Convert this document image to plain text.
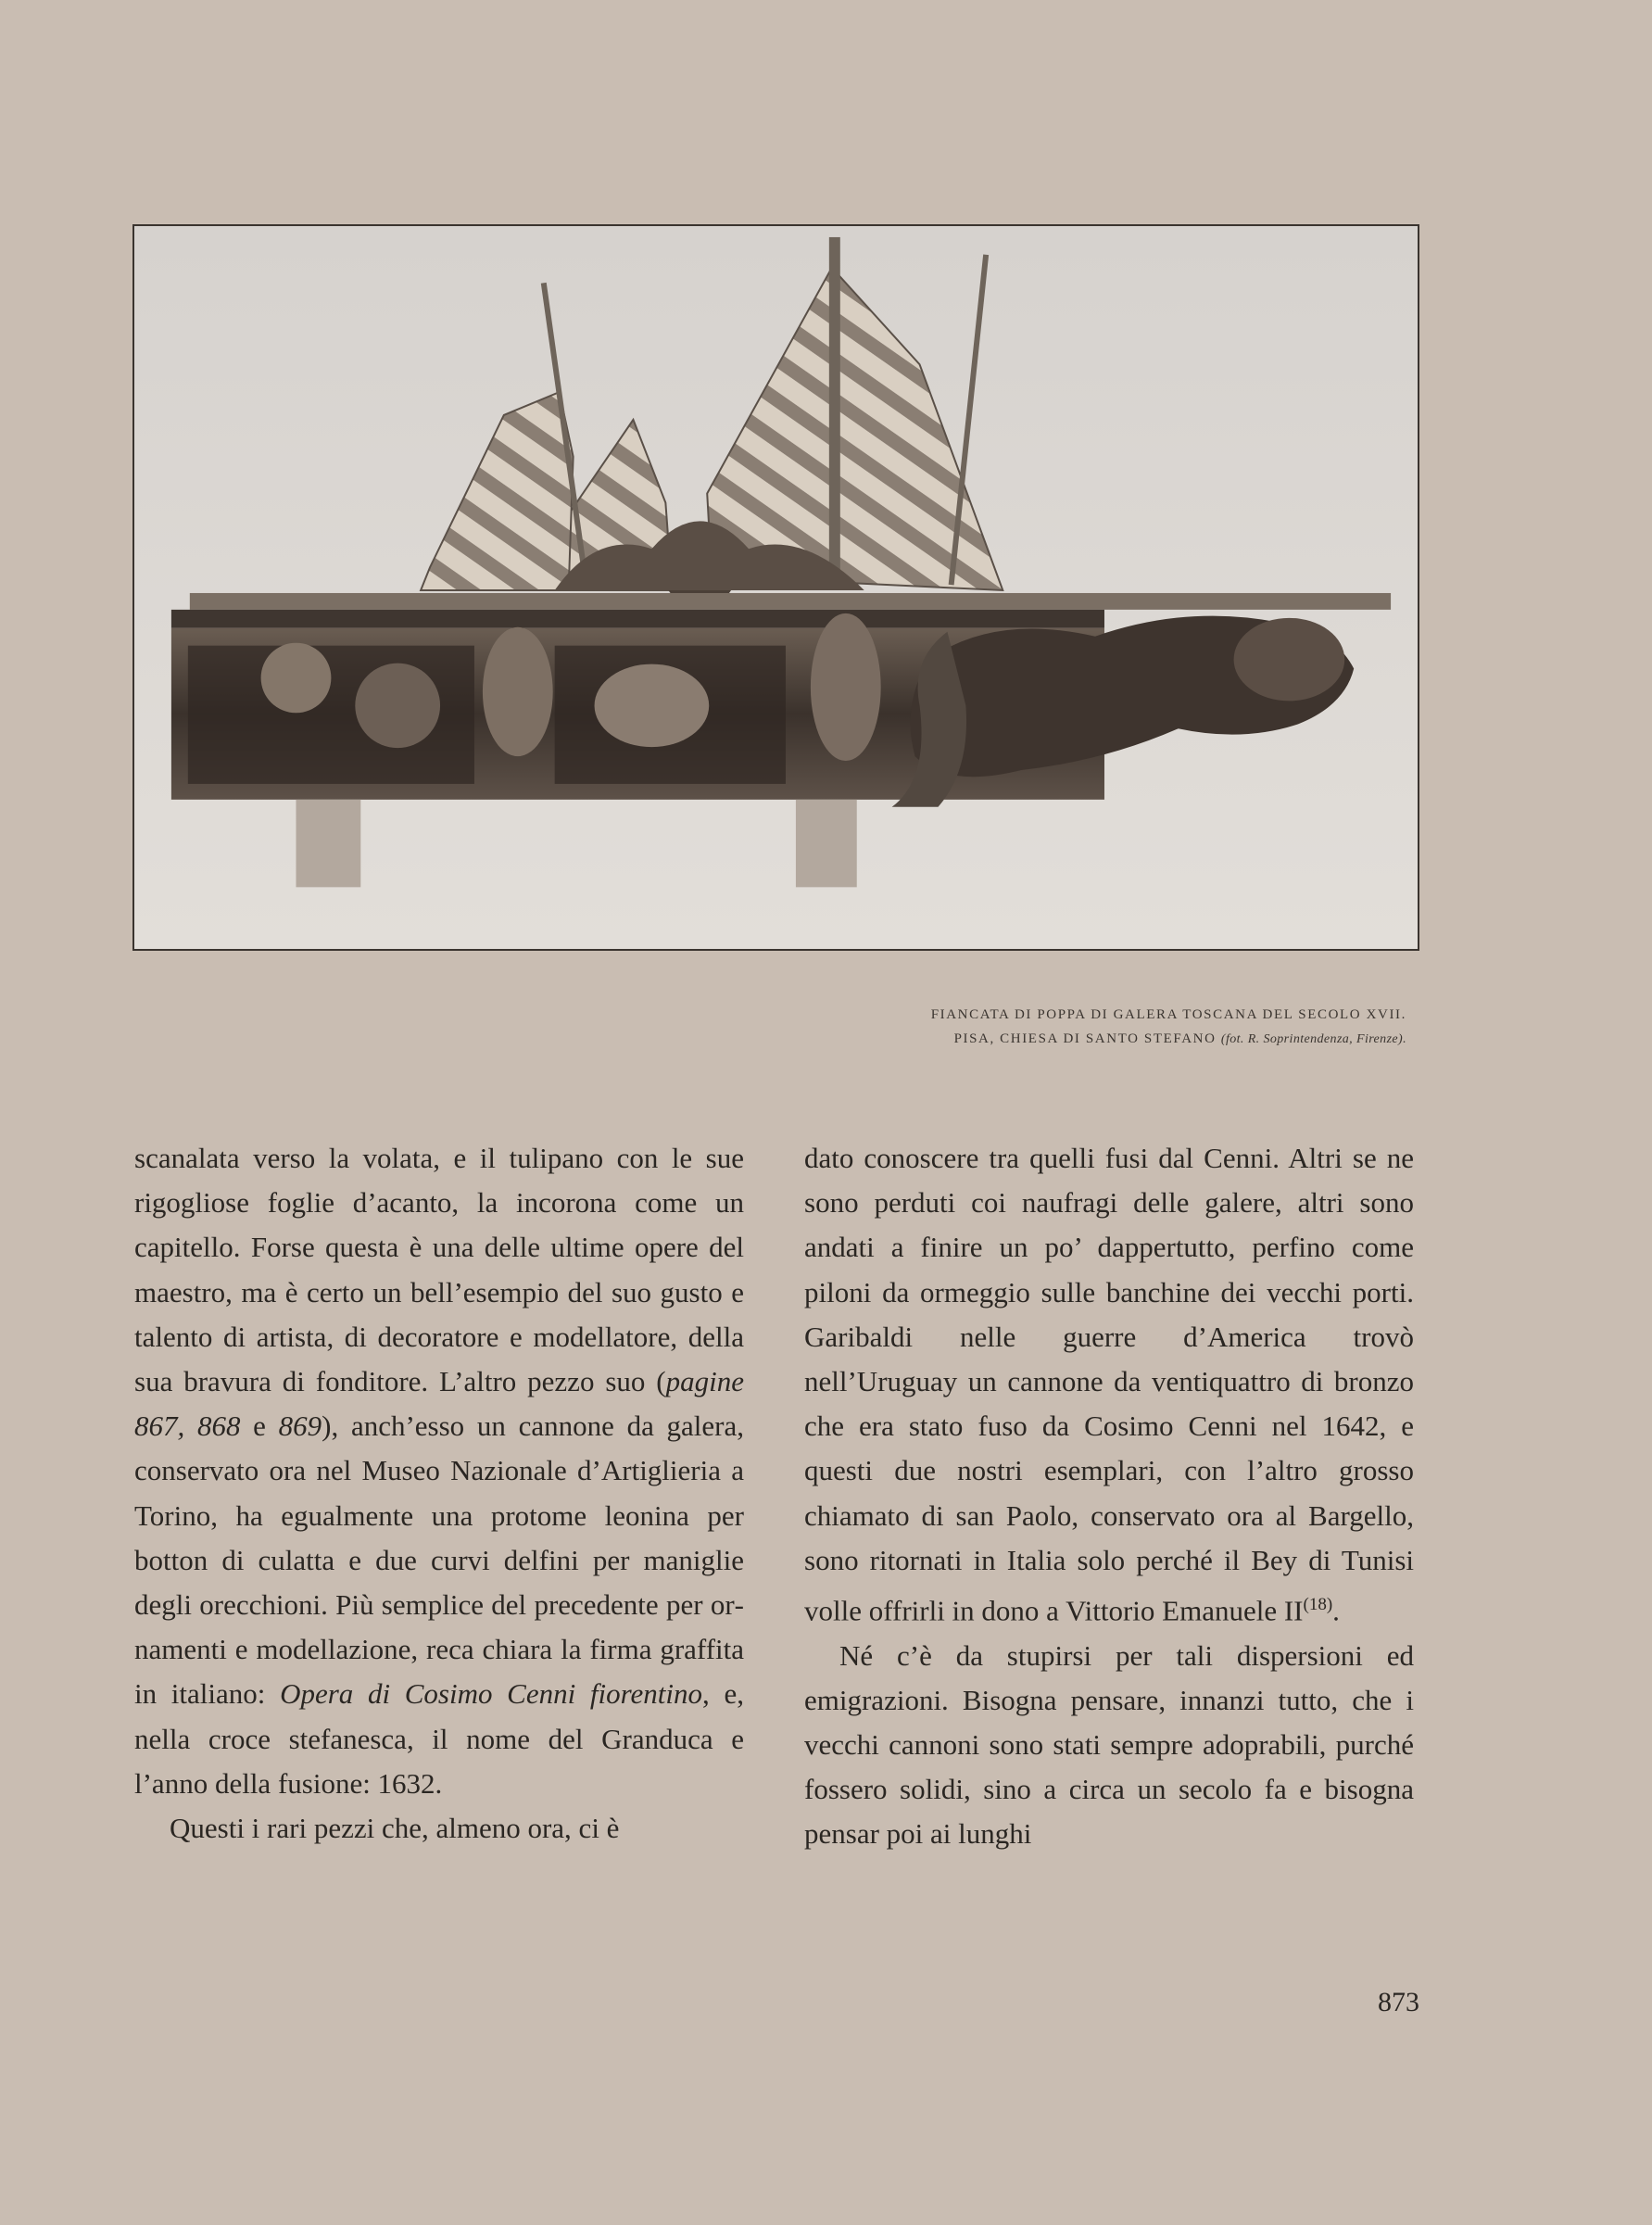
FIANCATA DI POPPA DI GALERA TOSCANA DEL SECOLO XVII.
PISA, CHIESA DI SANTO STEFANO (fot. R. Soprintendenza, Firenze).

scanalata verso la volata, e il tulipano con le sue rigogliose foglie d’acanto, la incorona come un capitello. Forse questa è una delle ultime opere del maestro, ma è certo un bell’esempio del suo gusto e talento di artista, di decoratore e modellatore, della sua bravura di fonditore. L’altro pezzo suo (pagine 867, 868 e 869), anch’esso un cannone da galera, conservato ora nel Museo Nazionale d’Artiglieria a Torino, ha egualmente una protome leonina per botton di culatta e due curvi delfini per maniglie degli orecchioni. Più semplice del precedente per ornamenti e modellazione, reca chiara la firma graffita in italiano: Opera di Cosimo Cenni fiorentino, e, nella croce stefanesca, il nome del Granduca e l’anno della fusione: 1632.

Questi i rari pezzi che, almeno ora, ci è

dato conoscere tra quelli fusi dal Cenni. Altri se ne sono perduti coi naufragi delle galere, altri sono andati a finire un po’ dappertutto, perfino come piloni da ormeggio sulle banchine dei vecchi porti. Garibaldi nelle guerre d’America trovò nell’Uruguay un cannone da ventiquattro di bronzo che era stato fuso da Cosimo Cenni nel 1642, e questi due nostri esemplari, con l’altro grosso chiamato di san Paolo, conservato ora al Bargello, sono ritornati in Italia solo perché il Bey di Tunisi volle offrirli in dono a Vittorio Emanuele II$^{(18)}$.

Né c’è da stupirsi per tali dispersioni ed emigrazioni. Bisogna pensare, innanzi tutto, che i vecchi cannoni sono stati sempre adoprabili, purché fossero solidi, sino a circa un secolo fa e bisogna pensar poi ai lunghi

873
